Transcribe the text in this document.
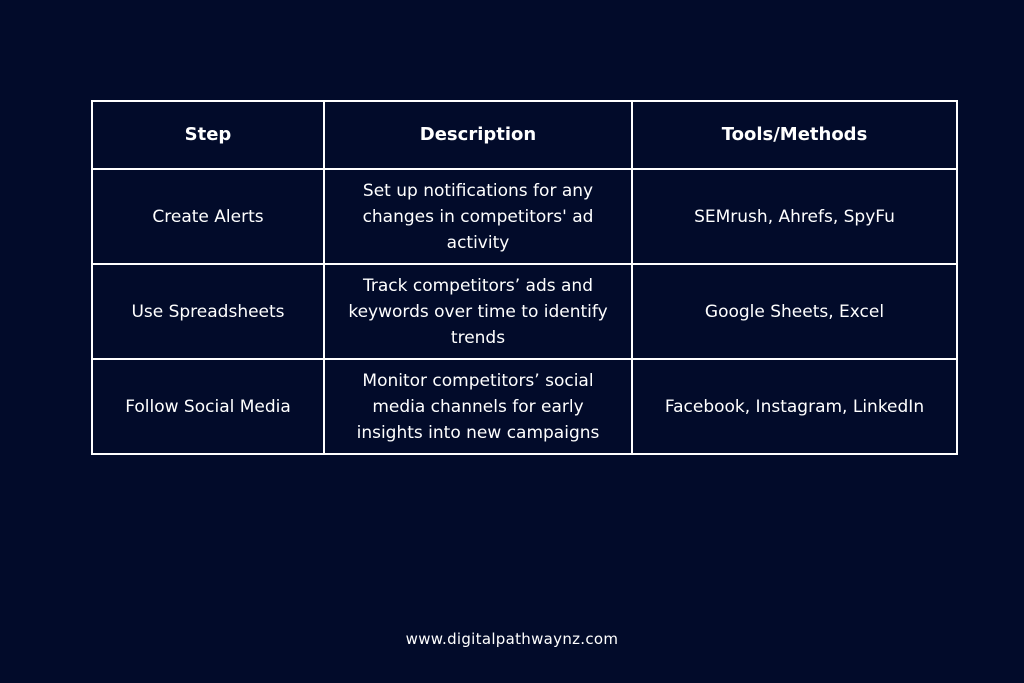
Step	Description	Tools/Methods
Create Alerts	Set up notifications for any changes in competitors' ad activity	SEMrush, Ahrefs, SpyFu
Use Spreadsheets	Track competitors’ ads and keywords over time to identify trends	Google Sheets, Excel
Follow Social Media	Monitor competitors’ social media channels for early insights into new campaigns	Facebook, Instagram, LinkedIn
www.digitalpathwaynz.com
